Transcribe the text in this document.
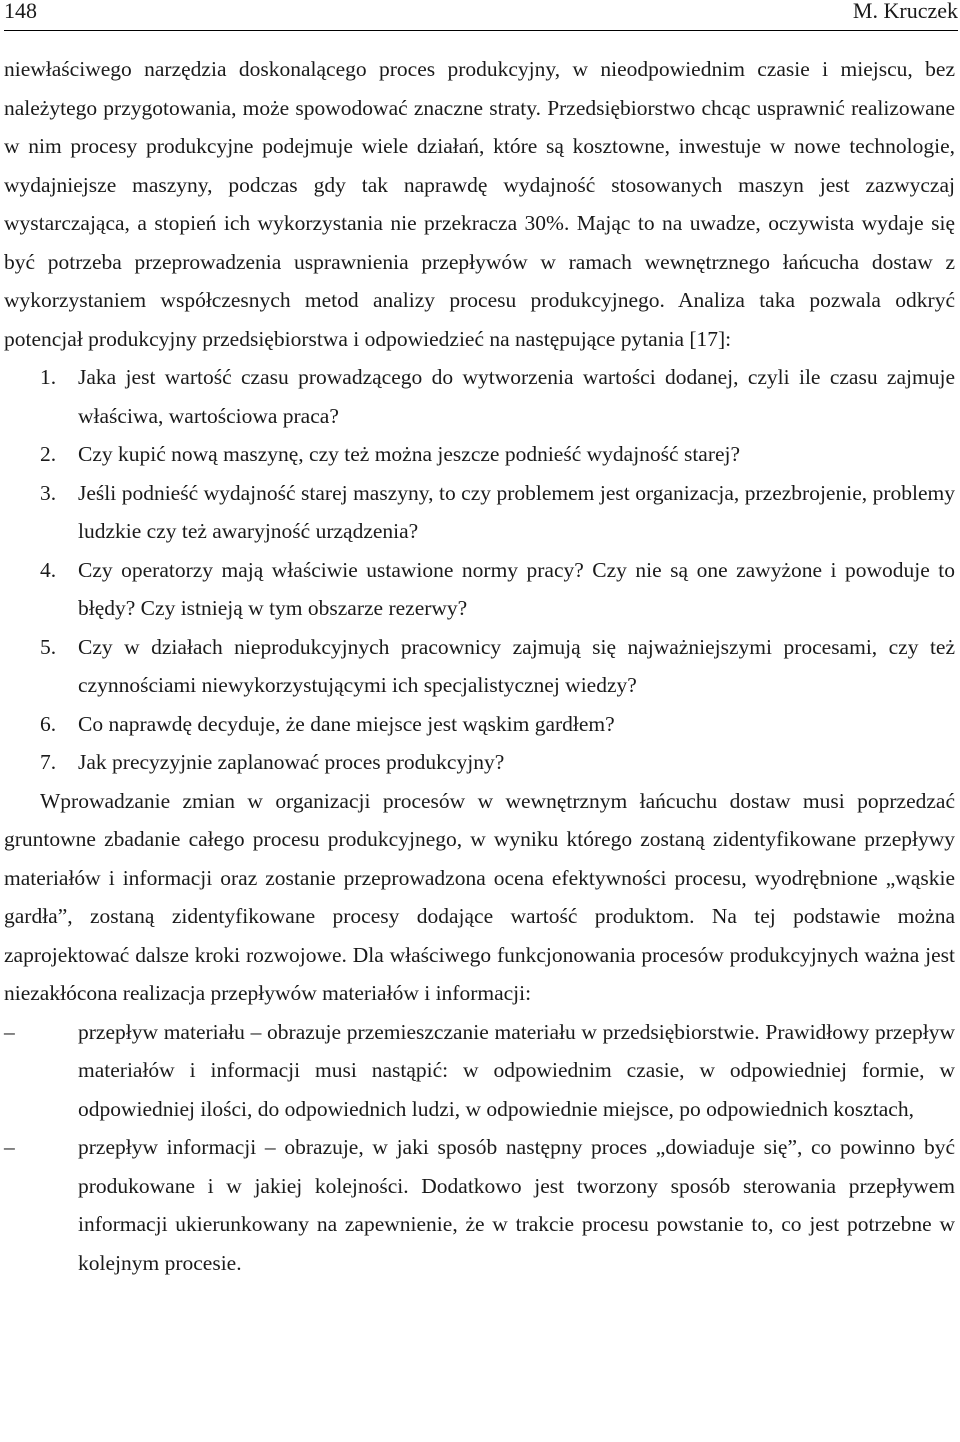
148	M. Kruczek

niewłaściwego narzędzia doskonalącego proces produkcyjny, w nieodpowiednim czasie i miejscu, bez należytego przygotowania, może spowodować znaczne straty. Przedsiębiorstwo chcąc usprawnić realizowane w nim procesy produkcyjne podejmuje wiele działań, które są kosztowne, inwestuje w nowe technologie, wydajniejsze maszyny, podczas gdy tak naprawdę wydajność stosowanych maszyn jest zazwyczaj wystarczająca, a stopień ich wykorzystania nie przekracza 30%. Mając to na uwadze, oczywista wydaje się być potrzeba przeprowadzenia usprawnienia przepływów w ramach wewnętrznego łańcucha dostaw z wykorzystaniem współczesnych metod analizy procesu produkcyjnego. Analiza taka pozwala odkryć potencjał produkcyjny przedsiębiorstwa i odpowiedzieć na następujące pytania [17]:

1. Jaka jest wartość czasu prowadzącego do wytworzenia wartości dodanej, czyli ile czasu zajmuje właściwa, wartościowa praca?
2. Czy kupić nową maszynę, czy też można jeszcze podnieść wydajność starej?
3. Jeśli podnieść wydajność starej maszyny, to czy problemem jest organizacja, przezbrojenie, problemy ludzkie czy też awaryjność urządzenia?
4. Czy operatorzy mają właściwie ustawione normy pracy? Czy nie są one zawyżone i powoduje to błędy? Czy istnieją w tym obszarze rezerwy?
5. Czy w działach nieprodukcyjnych pracownicy zajmują się najważniejszymi procesami, czy też czynnościami niewykorzystującymi ich specjalistycznej wiedzy?
6. Co naprawdę decyduje, że dane miejsce jest wąskim gardłem?
7. Jak precyzyjnie zaplanować proces produkcyjny?

Wprowadzanie zmian w organizacji procesów w wewnętrznym łańcuchu dostaw musi poprzedzać gruntowne zbadanie całego procesu produkcyjnego, w wyniku którego zostaną zidentyfikowane przepływy materiałów i informacji oraz zostanie przeprowadzona ocena efektywności procesu, wyodrębnione „wąskie gardła”, zostaną zidentyfikowane procesy dodające wartość produktom. Na tej podstawie można zaprojektować dalsze kroki rozwojowe. Dla właściwego funkcjonowania procesów produkcyjnych ważna jest niezakłócona realizacja przepływów materiałów i informacji:

–	przepływ materiału – obrazuje przemieszczanie materiału w przedsiębiorstwie. Prawidłowy przepływ materiałów i informacji musi nastąpić: w odpowiednim czasie, w odpowiedniej formie, w odpowiedniej ilości, do odpowiednich ludzi, w odpowiednie miejsce, po odpowiednich kosztach,
–	przepływ informacji – obrazuje, w jaki sposób następny proces „dowiaduje się”, co powinno być produkowane i w jakiej kolejności. Dodatkowo jest tworzony sposób sterowania przepływem informacji ukierunkowany na zapewnienie, że w trakcie procesu powstanie to, co jest potrzebne w kolejnym procesie.
